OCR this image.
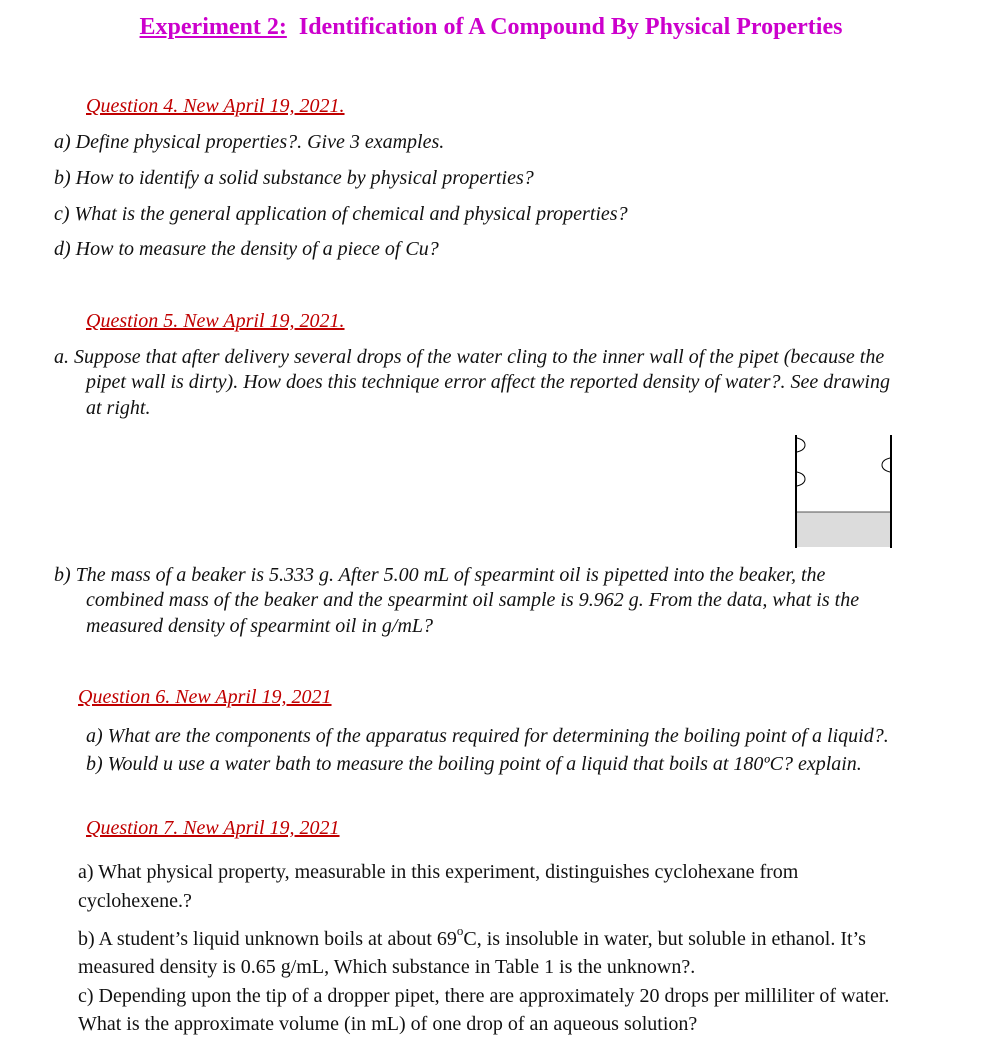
Experiment 2: Identification of A Compound By Physical Properties
Question 4. New April 19, 2021.
a) Define physical properties?. Give 3 examples.
b) How to identify a solid substance by physical properties?
c) What is the general application of chemical and physical properties?
d) How to measure the density of a piece of Cu?
Question 5. New April 19, 2021.
a. Suppose that after delivery several drops of the water cling to the inner wall of the pipet (because the
pipet wall is dirty). How does this technique error affect the reported density of water?. See drawing
at right.
b) The mass of a beaker is 5.333 g. After 5.00 mL of spearmint oil is pipetted into the beaker, the
combined mass of the beaker and the spearmint oil sample is 9.962 g. From the data, what is the
measured density of spearmint oil in g/mL?
Question 6. New April 19, 2021
a) What are the components of the apparatus required for determining the boiling point of a liquid?.
b) Would u use a water bath to measure the boiling point of a liquid that boils at 180ºC? explain.
Question 7. New April 19, 2021
a) What physical property, measurable in this experiment, distinguishes cyclohexane from
cyclohexene.?
b) A student’s liquid unknown boils at about 69$^o$C, is insoluble in water, but soluble in ethanol. It’s
measured density is 0.65 g/mL, Which substance in Table 1 is the unknown?.
c) Depending upon the tip of a dropper pipet, there are approximately 20 drops per milliliter of water.
What is the approximate volume (in mL) of one drop of an aqueous solution?
